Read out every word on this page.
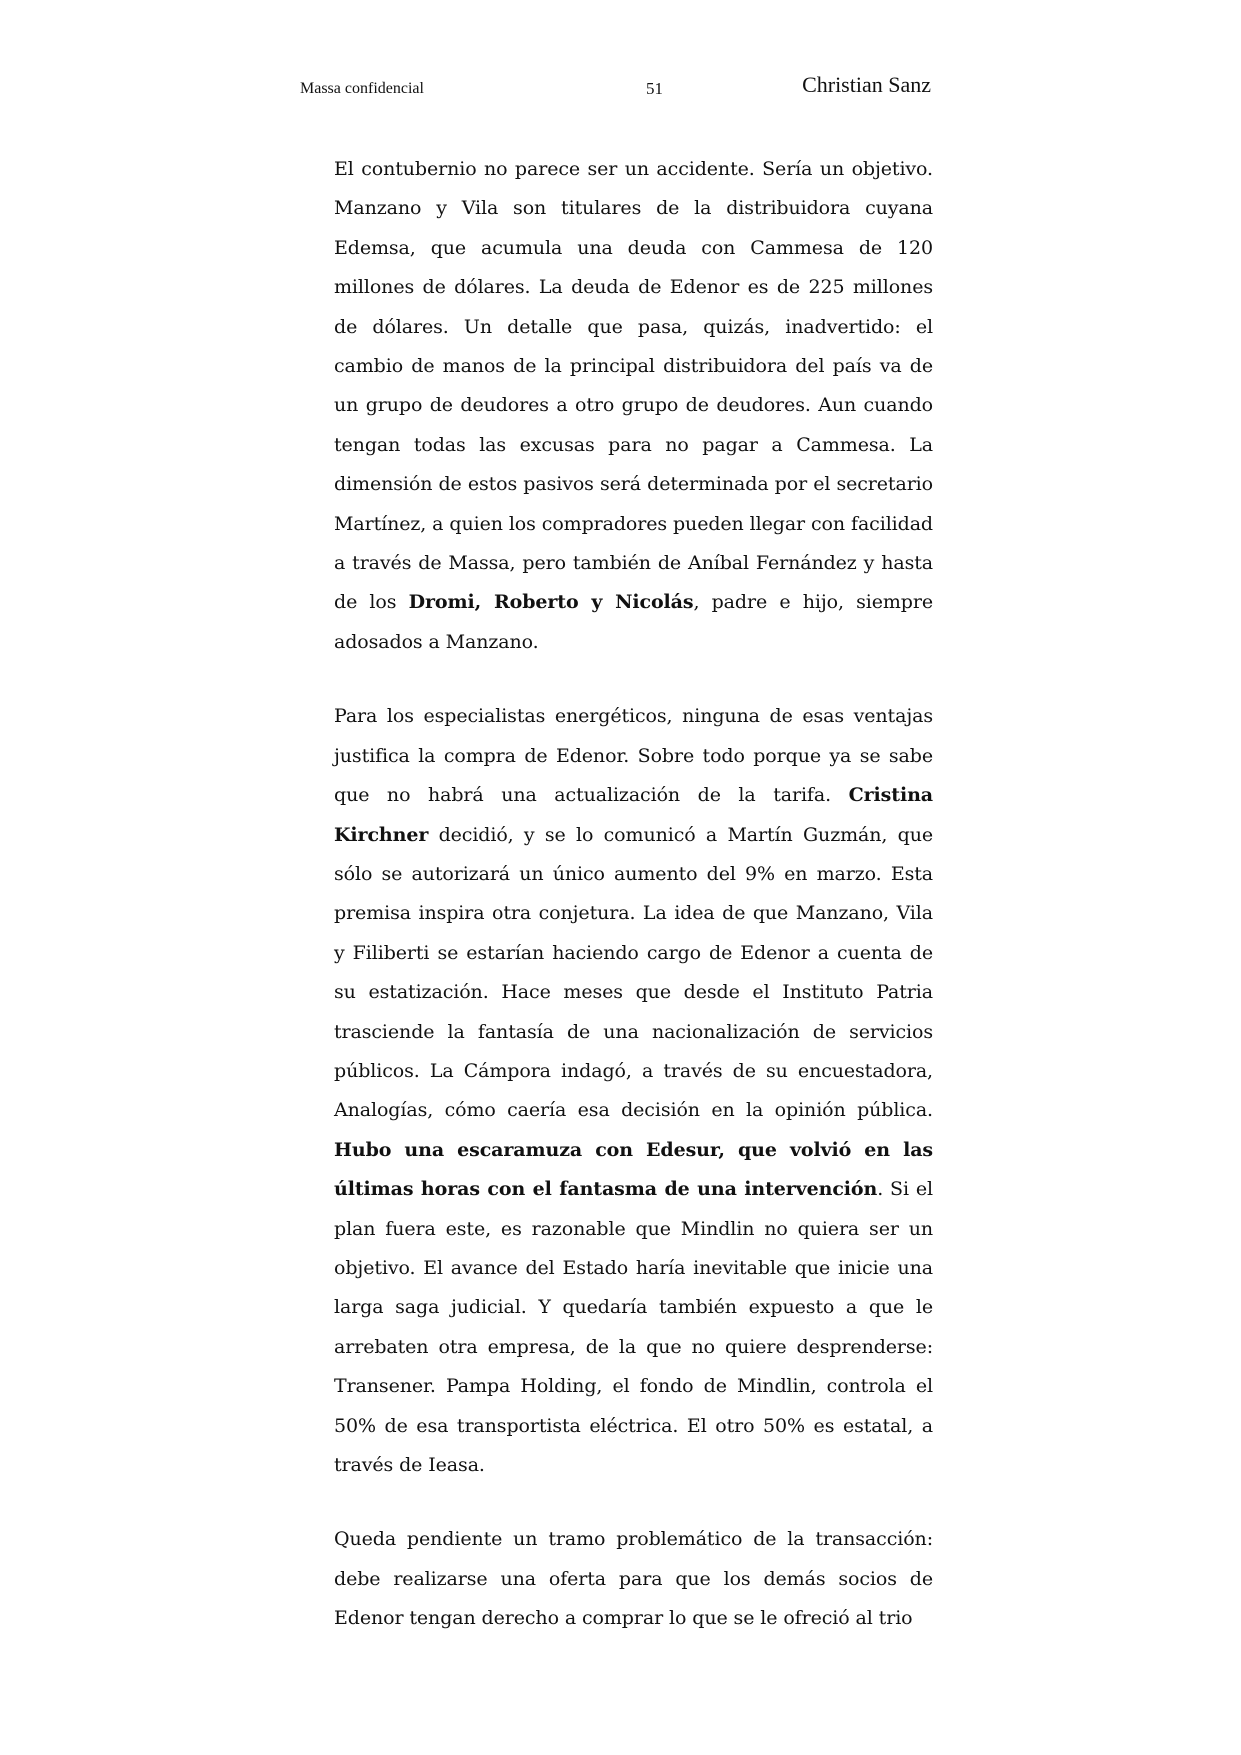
Massa confidencial	51	Christian Sanz

El contubernio no parece ser un accidente. Sería un objetivo. Manzano y Vila son titulares de la distribuidora cuyana Edemsa, que acumula una deuda con Cammesa de 120 millones de dólares. La deuda de Edenor es de 225 millones de dólares. Un detalle que pasa, quizás, inadvertido: el cambio de manos de la principal distribuidora del país va de un grupo de deudores a otro grupo de deudores. Aun cuando tengan todas las excusas para no pagar a Cammesa. La dimensión de estos pasivos será determinada por el secretario Martínez, a quien los compradores pueden llegar con facilidad a través de Massa, pero también de Aníbal Fernández y hasta de los Dromi, Roberto y Nicolás, padre e hijo, siempre adosados a Manzano.

Para los especialistas energéticos, ninguna de esas ventajas justifica la compra de Edenor. Sobre todo porque ya se sabe que no habrá una actualización de la tarifa. Cristina Kirchner decidió, y se lo comunicó a Martín Guzmán, que sólo se autorizará un único aumento del 9% en marzo. Esta premisa inspira otra conjetura. La idea de que Manzano, Vila y Filiberti se estarían haciendo cargo de Edenor a cuenta de su estatización. Hace meses que desde el Instituto Patria trasciende la fantasía de una nacionalización de servicios públicos. La Cámpora indagó, a través de su encuestadora, Analogías, cómo caería esa decisión en la opinión pública. Hubo una escaramuza con Edesur, que volvió en las últimas horas con el fantasma de una intervención. Si el plan fuera este, es razonable que Mindlin no quiera ser un objetivo. El avance del Estado haría inevitable que inicie una larga saga judicial. Y quedaría también expuesto a que le arrebaten otra empresa, de la que no quiere desprenderse: Transener. Pampa Holding, el fondo de Mindlin, controla el 50% de esa transportista eléctrica. El otro 50% es estatal, a través de Ieasa.

Queda pendiente un tramo problemático de la transacción: debe realizarse una oferta para que los demás socios de Edenor tengan derecho a comprar lo que se le ofreció al trio
